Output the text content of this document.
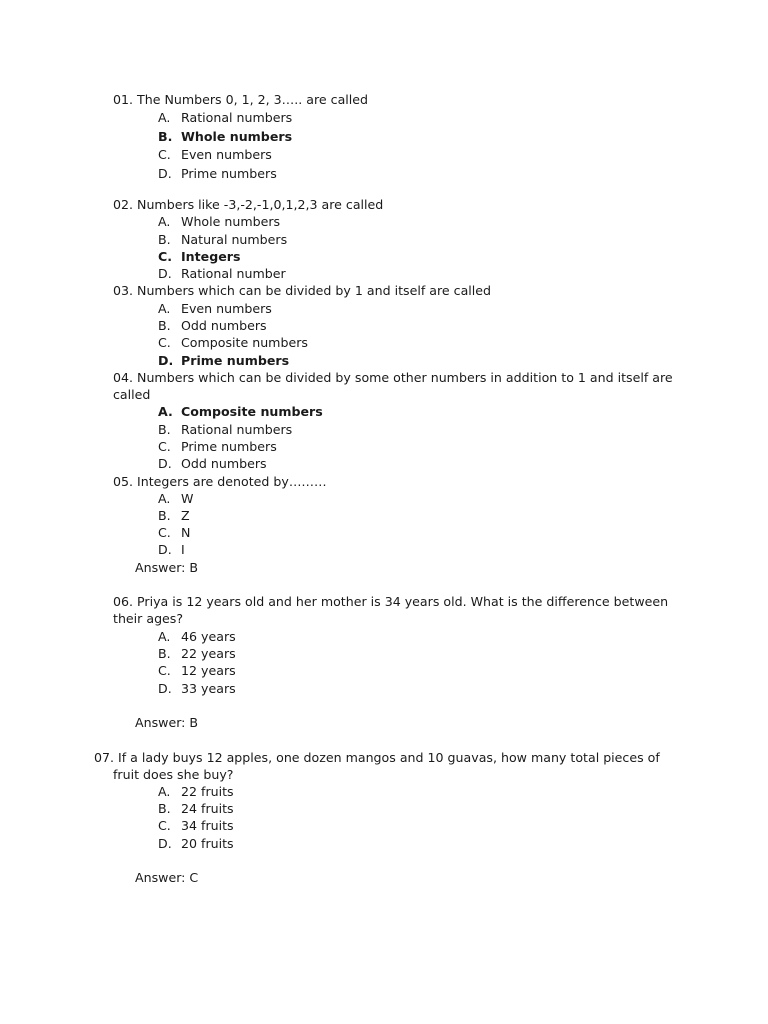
01. The Numbers 0, 1, 2, 3….. are called
A. Rational numbers
B. Whole numbers
C. Even numbers
D. Prime numbers
02. Numbers like -3,-2,-1,0,1,2,3 are called
A. Whole numbers
B. Natural numbers
C. Integers
D. Rational number
03. Numbers which can be divided by 1 and itself are called
A. Even numbers
B. Odd numbers
C. Composite numbers
D. Prime numbers
04. Numbers which can be divided by some other numbers in addition to 1 and itself are
called
A. Composite numbers
B. Rational numbers
C. Prime numbers
D. Odd numbers
05. Integers are denoted by………
A. W
B. Z
C. N
D. I
Answer: B
06. Priya is 12 years old and her mother is 34 years old. What is the difference between
their ages?
A. 46 years
B. 22 years
C. 12 years
D. 33 years
Answer: B
07. If a lady buys 12 apples, one dozen mangos and 10 guavas, how many total pieces of
fruit does she buy?
A. 22 fruits
B. 24 fruits
C. 34 fruits
D. 20 fruits
Answer: C
